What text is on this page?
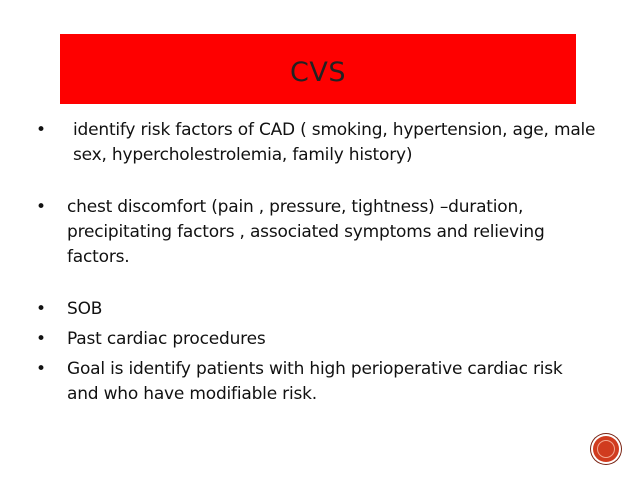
CVS
• identify risk factors of CAD ( smoking, hypertension, age, male sex, hypercholestrolemia, family history)
• chest discomfort (pain , pressure, tightness) –duration, precipitating factors , associated symptoms and relieving factors.
• SOB
• Past cardiac procedures
• Goal is identify patients with high perioperative cardiac risk and who have modifiable risk.
